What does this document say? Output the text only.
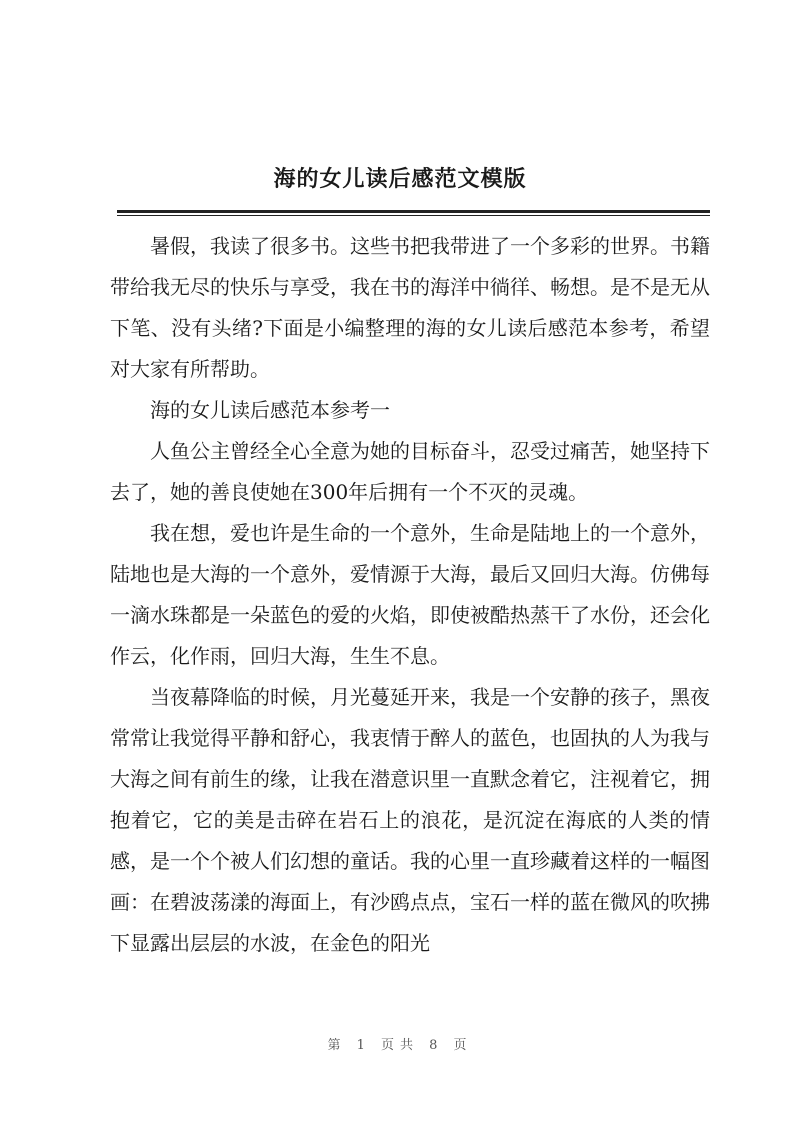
海的女儿读后感范文模版

暑假，我读了很多书。这些书把我带进了一个多彩的世界。书籍带给我无尽的快乐与享受，我在书的海洋中徜徉、畅想。是不是无从下笔、没有头绪?下面是小编整理的海的女儿读后感范本参考，希望对大家有所帮助。

海的女儿读后感范本参考一

人鱼公主曾经全心全意为她的目标奋斗，忍受过痛苦，她坚持下去了，她的善良使她在300年后拥有一个不灭的灵魂。

我在想，爱也许是生命的一个意外，生命是陆地上的一个意外，陆地也是大海的一个意外，爱情源于大海，最后又回归大海。仿佛每一滴水珠都是一朵蓝色的爱的火焰，即使被酷热蒸干了水份，还会化作云，化作雨，回归大海，生生不息。

当夜幕降临的时候，月光蔓延开来，我是一个安静的孩子，黑夜常常让我觉得平静和舒心，我衷情于醉人的蓝色，也固执的人为我与大海之间有前生的缘，让我在潜意识里一直默念着它，注视着它，拥抱着它，它的美是击碎在岩石上的浪花，是沉淀在海底的人类的情感，是一个个被人们幻想的童话。我的心里一直珍藏着这样的一幅图画：在碧波荡漾的海面上，有沙鸥点点，宝石一样的蓝在微风的吹拂下显露出层层的水波，在金色的阳光

第 1 页共 8 页
